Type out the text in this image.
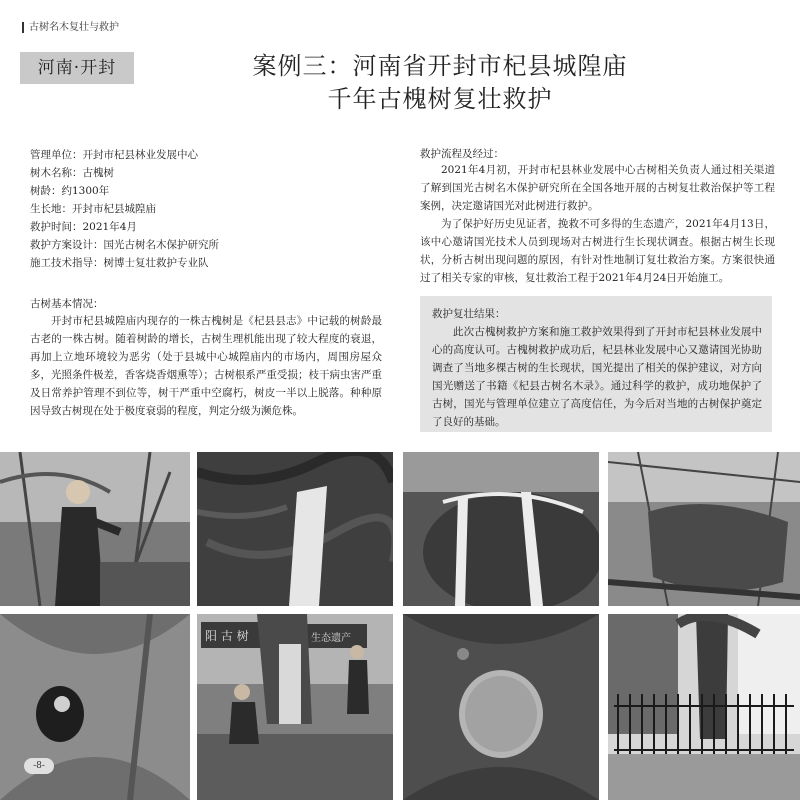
古树名木复壮与救护
河南·开封	案例三：河南省开封市杞县城隍庙
千年古槐树复壮救护
管理单位：开封市杞县林业发展中心
树木名称：古槐树
树龄：约1300年
生长地：开封市杞县城隍庙
救护时间：2021年4月
救护方案设计：国光古树名木保护研究所
施工技术指导：树博士复壮救护专业队
古树基本情况：
开封市杞县城隍庙内现存的一株古槐树是《杞县县志》中记载的树龄最古老的一株古树。随着树龄的增长，古树生理机能出现了较大程度的衰退，再加上立地环境较为恶劣（处于县城中心城隍庙内的市场内，周围房屋众多，光照条件极差，香客烧香烟熏等）；古树根系严重受损；枝干病虫害严重及日常养护管理不到位等，树干严重中空腐朽，树皮一半以上脱落。种种原因导致古树现在处于极度衰弱的程度，判定分级为濒危株。
救护流程及经过：

2021年4月初，开封市杞县林业发展中心古树相关负责人通过相关渠道了解到国光古树名木保护研究所在全国各地开展的古树复壮救治保护等工程案例，决定邀请国光对此树进行救护。

为了保护好历史见证者，挽救不可多得的生态遗产，2021年4月13日，该中心邀请国光技术人员到现场对古树进行生长现状调查。根据古树生长现状，分析古树出现问题的原因，有针对性地制订复壮救治方案。方案很快通过了相关专家的审核，复壮救治工程于2021年4月24日开始施工。

救护复壮结果：
此次古槐树救护方案和施工救护效果得到了开封市杞县林业发展中心的高度认可。古槐树救护成功后，杞县林业发展中心又邀请国光协助调查了当地多棵古树的生长现状，国光提出了相关的保护建议，对方向国光赠送了书籍《杞县古树名木录》。通过科学的救护，成功地保护了古树，国光与管理单位建立了高度信任，为今后对当地的古树保护奠定了良好的基础。
阳 古 树	生态遗产
-8-
